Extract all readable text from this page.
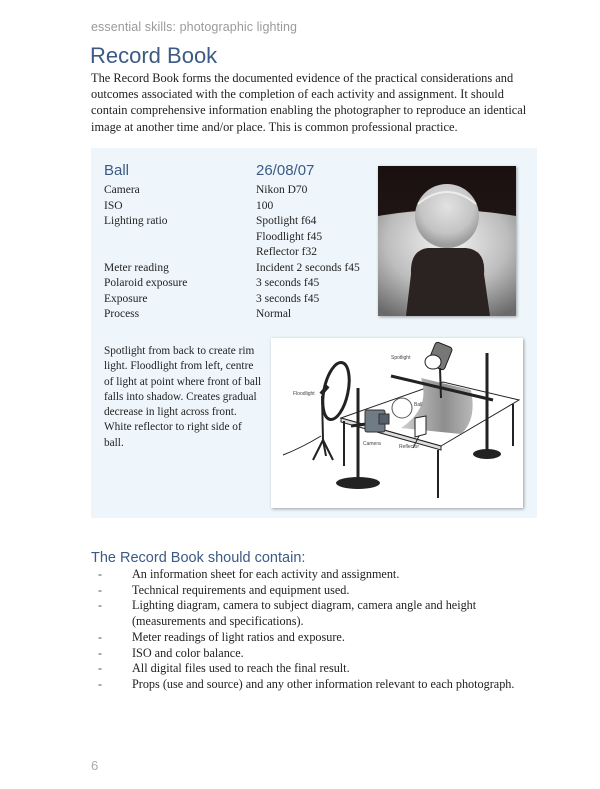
essential skills: photographic lighting
Record Book

The Record Book forms the documented evidence of the practical considerations and outcomes associated with the completion of each activity and assignment. It should contain comprehensive information enabling the photographer to reproduce an identical image at another time and/or place. This is common professional practice.

Ball	26/08/07
Camera	Nikon D70
ISO	100
Lighting ratio	Spotlight f64
Floodlight f45
Reflector f32
Meter reading	Incident 2 seconds f45
Polaroid exposure	3 seconds f45
Exposure	3 seconds f45
Process	Normal

Spotlight from back to create rim light. Floodlight from left, centre of light at point where front of ball falls into shadow. Creates gradual decrease in light across front. White reflector to right side of ball.

Spotlight
Floodlight
Ball
Camera	Reflector
The Record Book should contain:
-	An information sheet for each activity and assignment.
-	Technical requirements and equipment used.
-	Lighting diagram, camera to subject diagram, camera angle and height (measurements and specifications).
-	Meter readings of light ratios and exposure.
-	ISO and color balance.
-	All digital files used to reach the final result.
-	Props (use and source) and any other information relevant to each photograph.
6
